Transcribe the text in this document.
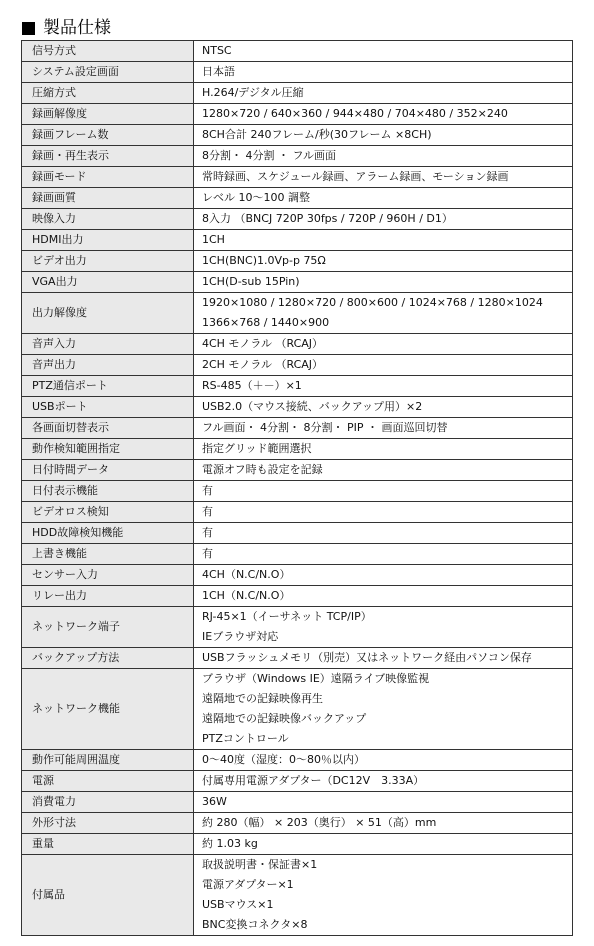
製品仕様
信号方式	NTSC

システム設定画面	日本語

圧縮方式	H.264/デジタル圧縮

録画解像度	1280×720 / 640×360 / 944×480 / 704×480 / 352×240

録画フレーム数	8CH合計 240フレーム/秒(30フレーム ×8CH)

録画・再生表示	8分割・ 4分割 ・ フル画面

録画モード	常時録画、スケジュール録画、アラーム録画、モーション録画

録画画質	レベル 10～100 調整

映像入力	8入力 （BNCJ 720P 30fps / 720P / 960H / D1）

HDMI出力	1CH

ビデオ出力	1CH(BNC)1.0Vp-p 75Ω

VGA出力	1CH(D-sub 15Pin)

出力解像度	1920×1080 / 1280×720 / 800×600 / 1024×768 / 1280×1024
1366×768 / 1440×900

音声入力	4CH モノラル （RCAJ）

音声出力	2CH モノラル （RCAJ）

PTZ通信ポート	RS-485（＋－）×1

USBポート	USB2.0（マウス接続、バックアップ用）×2

各画面切替表示	フル画面・ 4分割・ 8分割・ PIP ・ 画面巡回切替

動作検知範囲指定	指定グリッド範囲選択

日付時間データ	電源オフ時も設定を記録

日付表示機能	有

ビデオロス検知	有

HDD故障検知機能	有

上書き機能	有

センサー入力	4CH（N.C/N.O）

リレー出力	1CH（N.C/N.O）

ネットワーク端子	RJ-45×1（イーサネット TCP/IP）
IEブラウザ対応

バックアップ方法	USBフラッシュメモリ（別売）又はネットワーク経由パソコン保存

ネットワーク機能	ブラウザ（Windows IE）遠隔ライブ映像監視
遠隔地での記録映像再生
遠隔地での記録映像バックアップ
PTZコントロール

動作可能周囲温度	0～40度（湿度：0～80％以内）

電源	付属専用電源アダプター（DC12V　3.33A）

消費電力	36W

外形寸法	約 280（幅） × 203（奥行） × 51（高）mm

重量	約 1.03 kg

付属品	取扱説明書・保証書×1
電源アダプター×1
USBマウス×1
BNC変換コネクタ×8
